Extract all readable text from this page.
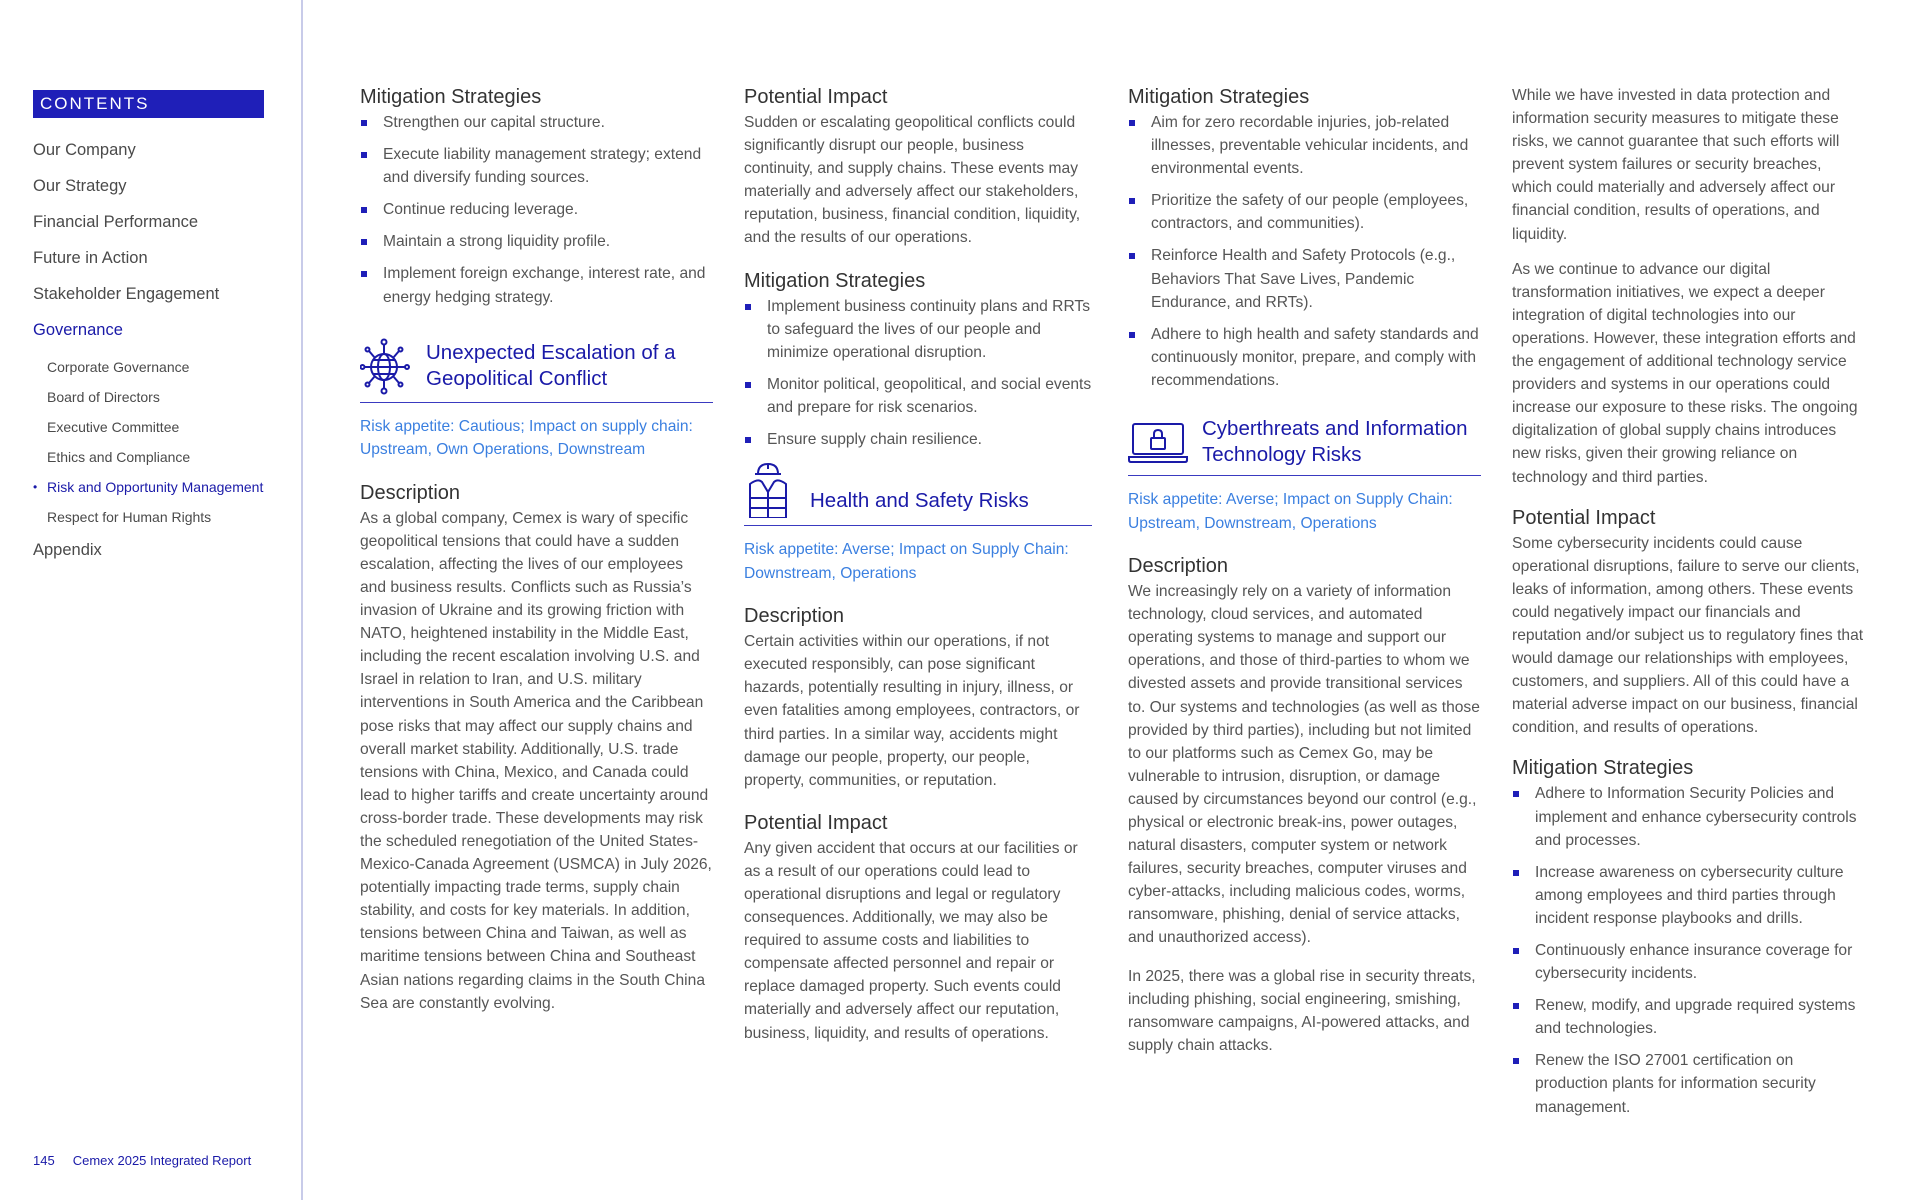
CONTENTS
Our Company
Our Strategy
Financial Performance
Future in Action
Stakeholder Engagement
Governance
Corporate Governance
Board of Directors
Executive Committee
Ethics and Compliance
• Risk and Opportunity Management
Respect for Human Rights
Appendix
145 Cemex 2025 Integrated Report
Mitigation Strategies
Strengthen our capital structure.
Execute liability management strategy; extend and diversify funding sources.
Continue reducing leverage.
Maintain a strong liquidity profile.
Implement foreign exchange, interest rate, and energy hedging strategy.
Unexpected Escalation of a Geopolitical Conflict
Risk appetite: Cautious; Impact on supply chain: Upstream, Own Operations, Downstream
Description

As a global company, Cemex is wary of specific geopolitical tensions that could have a sudden escalation, affecting the lives of our employees and business results. Conflicts such as Russia’s invasion of Ukraine and its growing friction with NATO, heightened instability in the Middle East, including the recent escalation involving U.S. and Israel in relation to Iran, and U.S. military interventions in South America and the Caribbean pose risks that may affect our supply chains and overall market stability. Additionally, U.S. trade tensions with China, Mexico, and Canada could lead to higher tariffs and create uncertainty around cross-border trade. These developments may risk the scheduled renegotiation of the United States-Mexico-Canada Agreement (USMCA) in July 2026, potentially impacting trade terms, supply chain stability, and costs for key materials. In addition, tensions between China and Taiwan, as well as maritime tensions between China and Southeast Asian nations regarding claims in the South China Sea are constantly evolving.

Potential Impact

Sudden or escalating geopolitical conflicts could significantly disrupt our people, business continuity, and supply chains. These events may materially and adversely affect our stakeholders, reputation, business, financial condition, liquidity, and the results of our operations.

Mitigation Strategies
Implement business continuity plans and RRTs to safeguard the lives of our people and minimize operational disruption.
Monitor political, geopolitical, and social events and prepare for risk scenarios.
Ensure supply chain resilience.
Health and Safety Risks
Risk appetite: Averse; Impact on Supply Chain: Downstream, Operations
Description

Certain activities within our operations, if not executed responsibly, can pose significant hazards, potentially resulting in injury, illness, or even fatalities among employees, contractors, or third parties. In a similar way, accidents might damage our people, property, our people, property, communities, or reputation.

Potential Impact

Any given accident that occurs at our facilities or as a result of our operations could lead to operational disruptions and legal or regulatory consequences. Additionally, we may also be required to assume costs and liabilities to compensate affected personnel and repair or replace damaged property. Such events could materially and adversely affect our reputation, business, liquidity, and results of operations.

Mitigation Strategies
Aim for zero recordable injuries, job-related illnesses, preventable vehicular incidents, and environmental events.
Prioritize the safety of our people (employees, contractors, and communities).
Reinforce Health and Safety Protocols (e.g., Behaviors That Save Lives, Pandemic Endurance, and RRTs).
Adhere to high health and safety standards and continuously monitor, prepare, and comply with recommendations.
Cyberthreats and Information Technology Risks
Risk appetite: Averse; Impact on Supply Chain: Upstream, Downstream, Operations
Description

We increasingly rely on a variety of information technology, cloud services, and automated operating systems to manage and support our operations, and those of third-parties to whom we divested assets and provide transitional services to. Our systems and technologies (as well as those provided by third parties), including but not limited to our platforms such as Cemex Go, may be vulnerable to intrusion, disruption, or damage caused by circumstances beyond our control (e.g., physical or electronic break-ins, power outages, natural disasters, computer system or network failures, security breaches, computer viruses and cyber-attacks, including malicious codes, worms, ransomware, phishing, denial of service attacks, and unauthorized access).

In 2025, there was a global rise in security threats, including phishing, social engineering, smishing, ransomware campaigns, AI-powered attacks, and supply chain attacks.

While we have invested in data protection and information security measures to mitigate these risks, we cannot guarantee that such efforts will prevent system failures or security breaches, which could materially and adversely affect our financial condition, results of operations, and liquidity.

As we continue to advance our digital transformation initiatives, we expect a deeper integration of digital technologies into our operations. However, these integration efforts and the engagement of additional technology service providers and systems in our operations could increase our exposure to these risks. The ongoing digitalization of global supply chains introduces new risks, given their growing reliance on technology and third parties.

Potential Impact

Some cybersecurity incidents could cause operational disruptions, failure to serve our clients, leaks of information, among others. These events could negatively impact our financials and reputation and/or subject us to regulatory fines that would damage our relationships with employees, customers, and suppliers. All of this could have a material adverse impact on our business, financial condition, and results of operations.

Mitigation Strategies
Adhere to Information Security Policies and implement and enhance cybersecurity controls and processes.
Increase awareness on cybersecurity culture among employees and third parties through incident response playbooks and drills.
Continuously enhance insurance coverage for cybersecurity incidents.
Renew, modify, and upgrade required systems and technologies.
Renew the ISO 27001 certification on production plants for information security management.
